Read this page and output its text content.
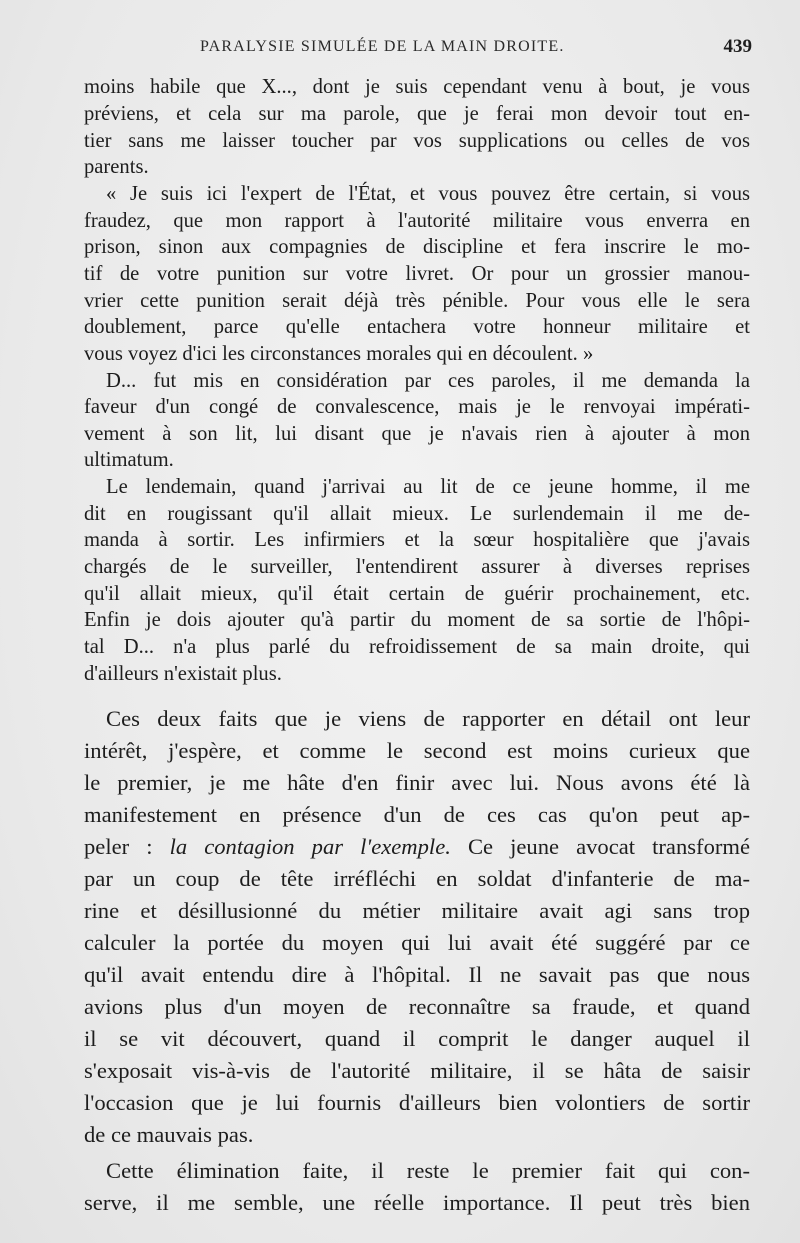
PARALYSIE SIMULÉE DE LA MAIN DROITE.	439
moins habile que X..., dont je suis cependant venu à bout, je vous
préviens, et cela sur ma parole, que je ferai mon devoir tout en-
tier sans me laisser toucher par vos supplications ou celles de vos
parents.
« Je suis ici l'expert de l'État, et vous pouvez être certain, si vous
fraudez, que mon rapport à l'autorité militaire vous enverra en
prison, sinon aux compagnies de discipline et fera inscrire le mo-
tif de votre punition sur votre livret. Or pour un grossier manou-
vrier cette punition serait déjà très pénible. Pour vous elle le sera
doublement, parce qu'elle entachera votre honneur militaire et
vous voyez d'ici les circonstances morales qui en découlent. »
D... fut mis en considération par ces paroles, il me demanda la
faveur d'un congé de convalescence, mais je le renvoyai impérati-
vement à son lit, lui disant que je n'avais rien à ajouter à mon
ultimatum.
Le lendemain, quand j'arrivai au lit de ce jeune homme, il me
dit en rougissant qu'il allait mieux. Le surlendemain il me de-
manda à sortir. Les infirmiers et la sœur hospitalière que j'avais
chargés de le surveiller, l'entendirent assurer à diverses reprises
qu'il allait mieux, qu'il était certain de guérir prochainement, etc.
Enfin je dois ajouter qu'à partir du moment de sa sortie de l'hôpi-
tal D... n'a plus parlé du refroidissement de sa main droite, qui
d'ailleurs n'existait plus.
Ces deux faits que je viens de rapporter en détail ont leur
intérêt, j'espère, et comme le second est moins curieux que
le premier, je me hâte d'en finir avec lui. Nous avons été là
manifestement en présence d'un de ces cas qu'on peut ap-
peler : la contagion par l'exemple. Ce jeune avocat transformé
par un coup de tête irréfléchi en soldat d'infanterie de ma-
rine et désillusionné du métier militaire avait agi sans trop
calculer la portée du moyen qui lui avait été suggéré par ce
qu'il avait entendu dire à l'hôpital. Il ne savait pas que nous
avions plus d'un moyen de reconnaître sa fraude, et quand
il se vit découvert, quand il comprit le danger auquel il
s'exposait vis-à-vis de l'autorité militaire, il se hâta de saisir
l'occasion que je lui fournis d'ailleurs bien volontiers de sortir
de ce mauvais pas.
Cette élimination faite, il reste le premier fait qui con-
serve, il me semble, une réelle importance. Il peut très bien
